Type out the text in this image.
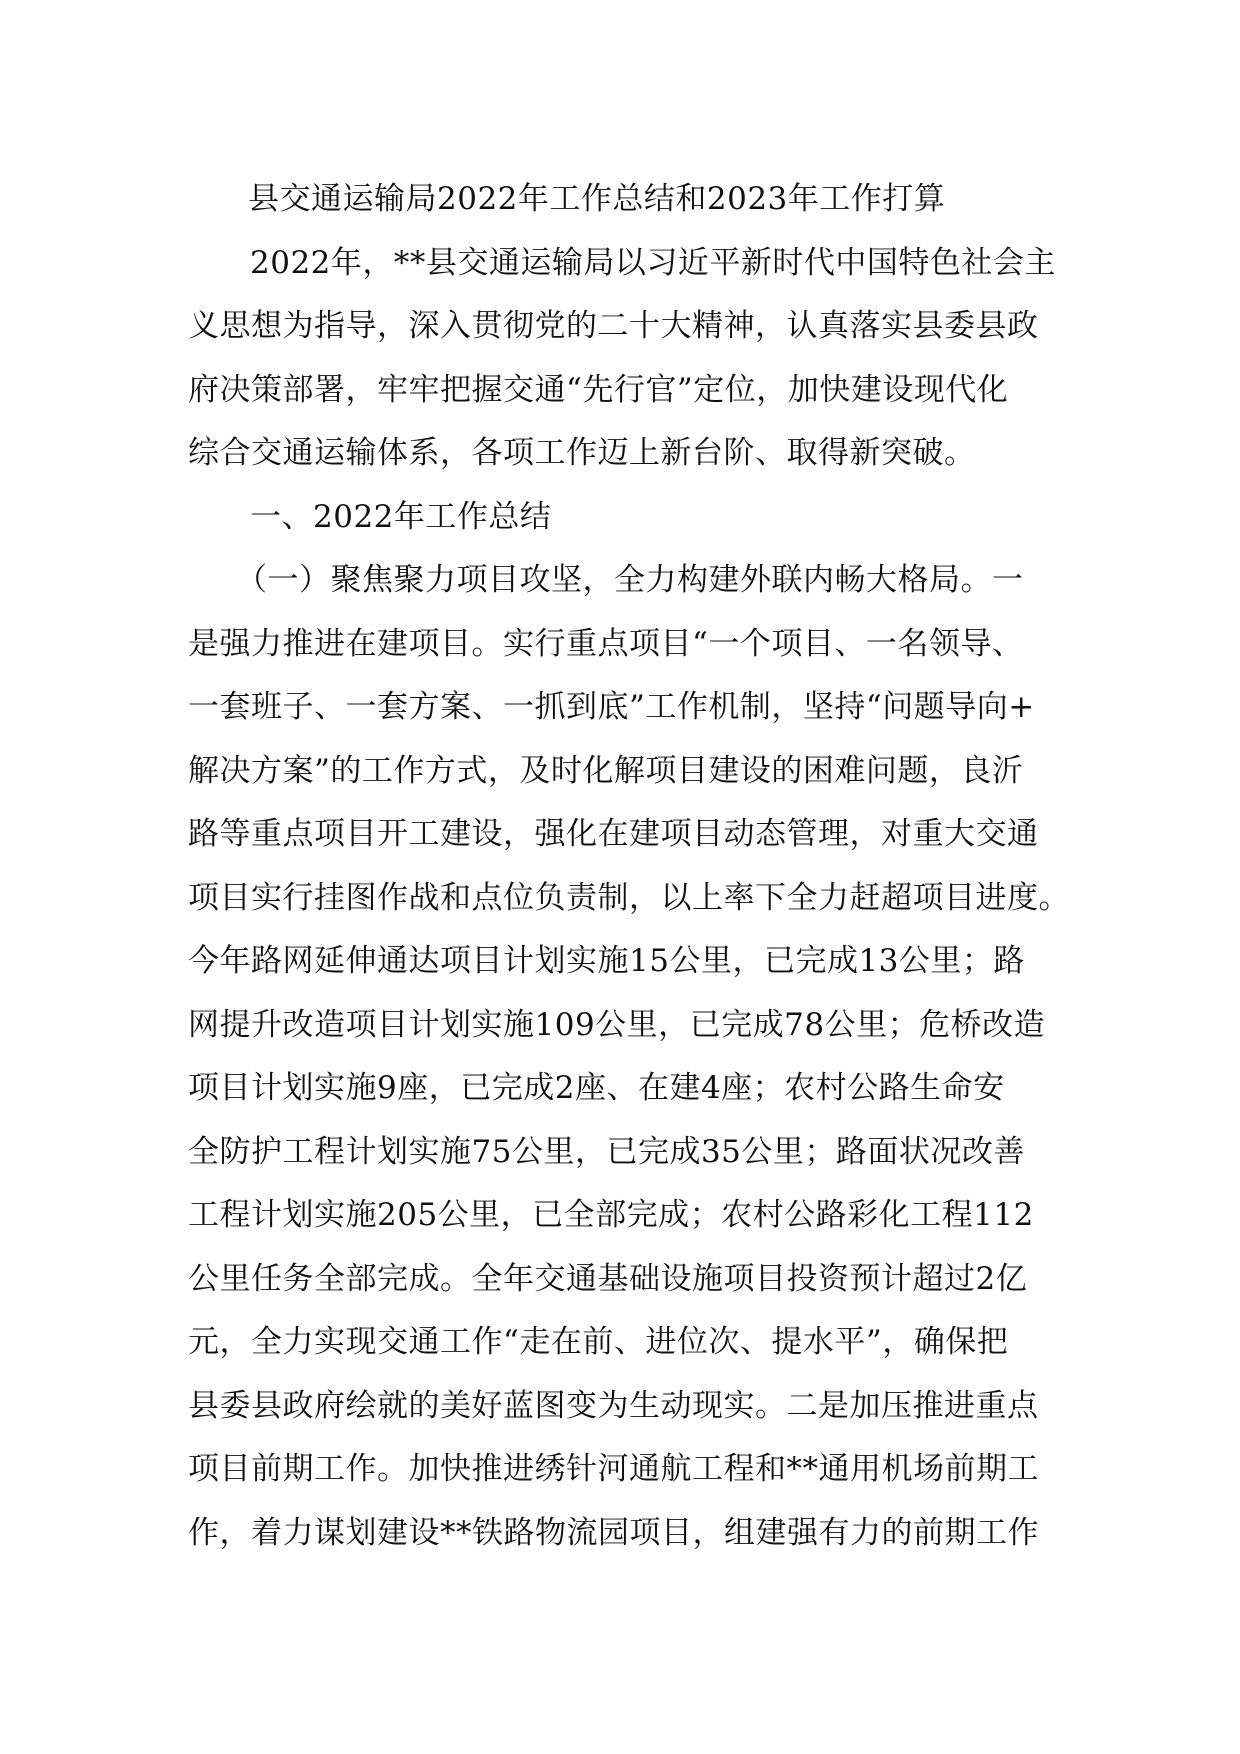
县交通运输局2022年工作总结和2023年工作打算
2022年，**县交通运输局以习近平新时代中国特色社会主
义思想为指导，深入贯彻党的二十大精神，认真落实县委县政
府决策部署，牢牢把握交通“先行官”定位，加快建设现代化
综合交通运输体系，各项工作迈上新台阶、取得新突破。
一、2022年工作总结
（一）聚焦聚力项目攻坚，全力构建外联内畅大格局。一
是强力推进在建项目。实行重点项目“一个项目、一名领导、
一套班子、一套方案、一抓到底”工作机制，坚持“问题导向+
解决方案”的工作方式，及时化解项目建设的困难问题，良沂
路等重点项目开工建设，强化在建项目动态管理，对重大交通
项目实行挂图作战和点位负责制，以上率下全力赶超项目进度。
今年路网延伸通达项目计划实施15公里，已完成13公里；路
网提升改造项目计划实施109公里，已完成78公里；危桥改造
项目计划实施9座，已完成2座、在建4座；农村公路生命安
全防护工程计划实施75公里，已完成35公里；路面状况改善
工程计划实施205公里，已全部完成；农村公路彩化工程112
公里任务全部完成。全年交通基础设施项目投资预计超过2亿
元，全力实现交通工作“走在前、进位次、提水平”，确保把
县委县政府绘就的美好蓝图变为生动现实。二是加压推进重点
项目前期工作。加快推进绣针河通航工程和**通用机场前期工
作，着力谋划建设**铁路物流园项目，组建强有力的前期工作
